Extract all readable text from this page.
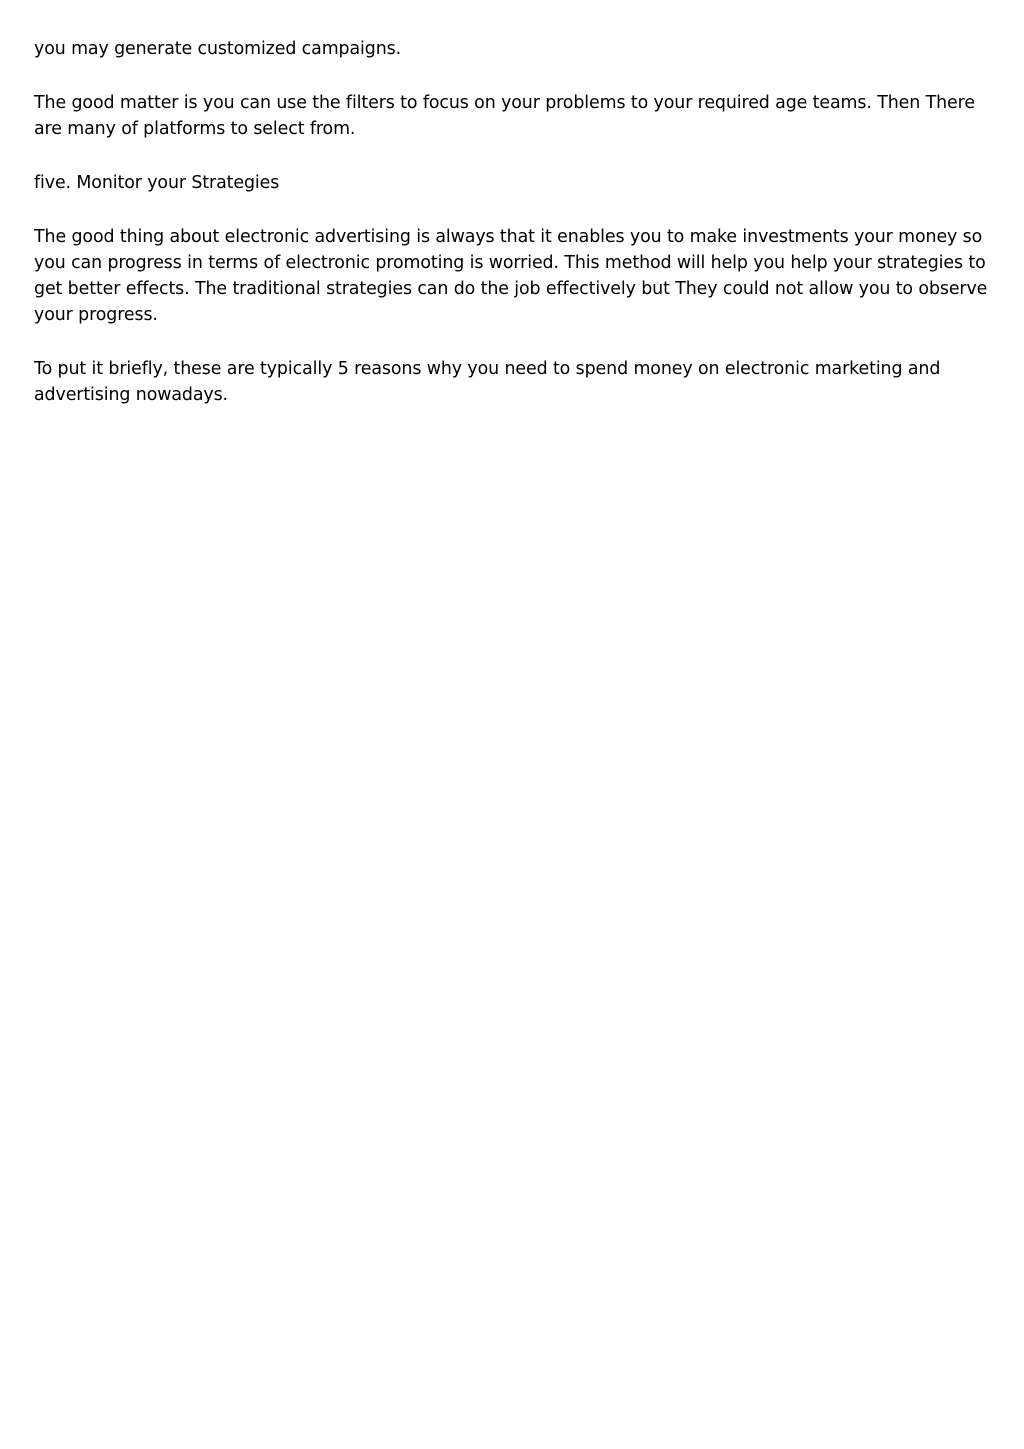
you may generate customized campaigns.

The good matter is you can use the filters to focus on your problems to your required age teams. Then There are many of platforms to select from.

five. Monitor your Strategies

The good thing about electronic advertising is always that it enables you to make investments your money so you can progress in terms of electronic promoting is worried. This method will help you help your strategies to get better effects. The traditional strategies can do the job effectively but They could not allow you to observe your progress.

To put it briefly, these are typically 5 reasons why you need to spend money on electronic marketing and advertising nowadays.
